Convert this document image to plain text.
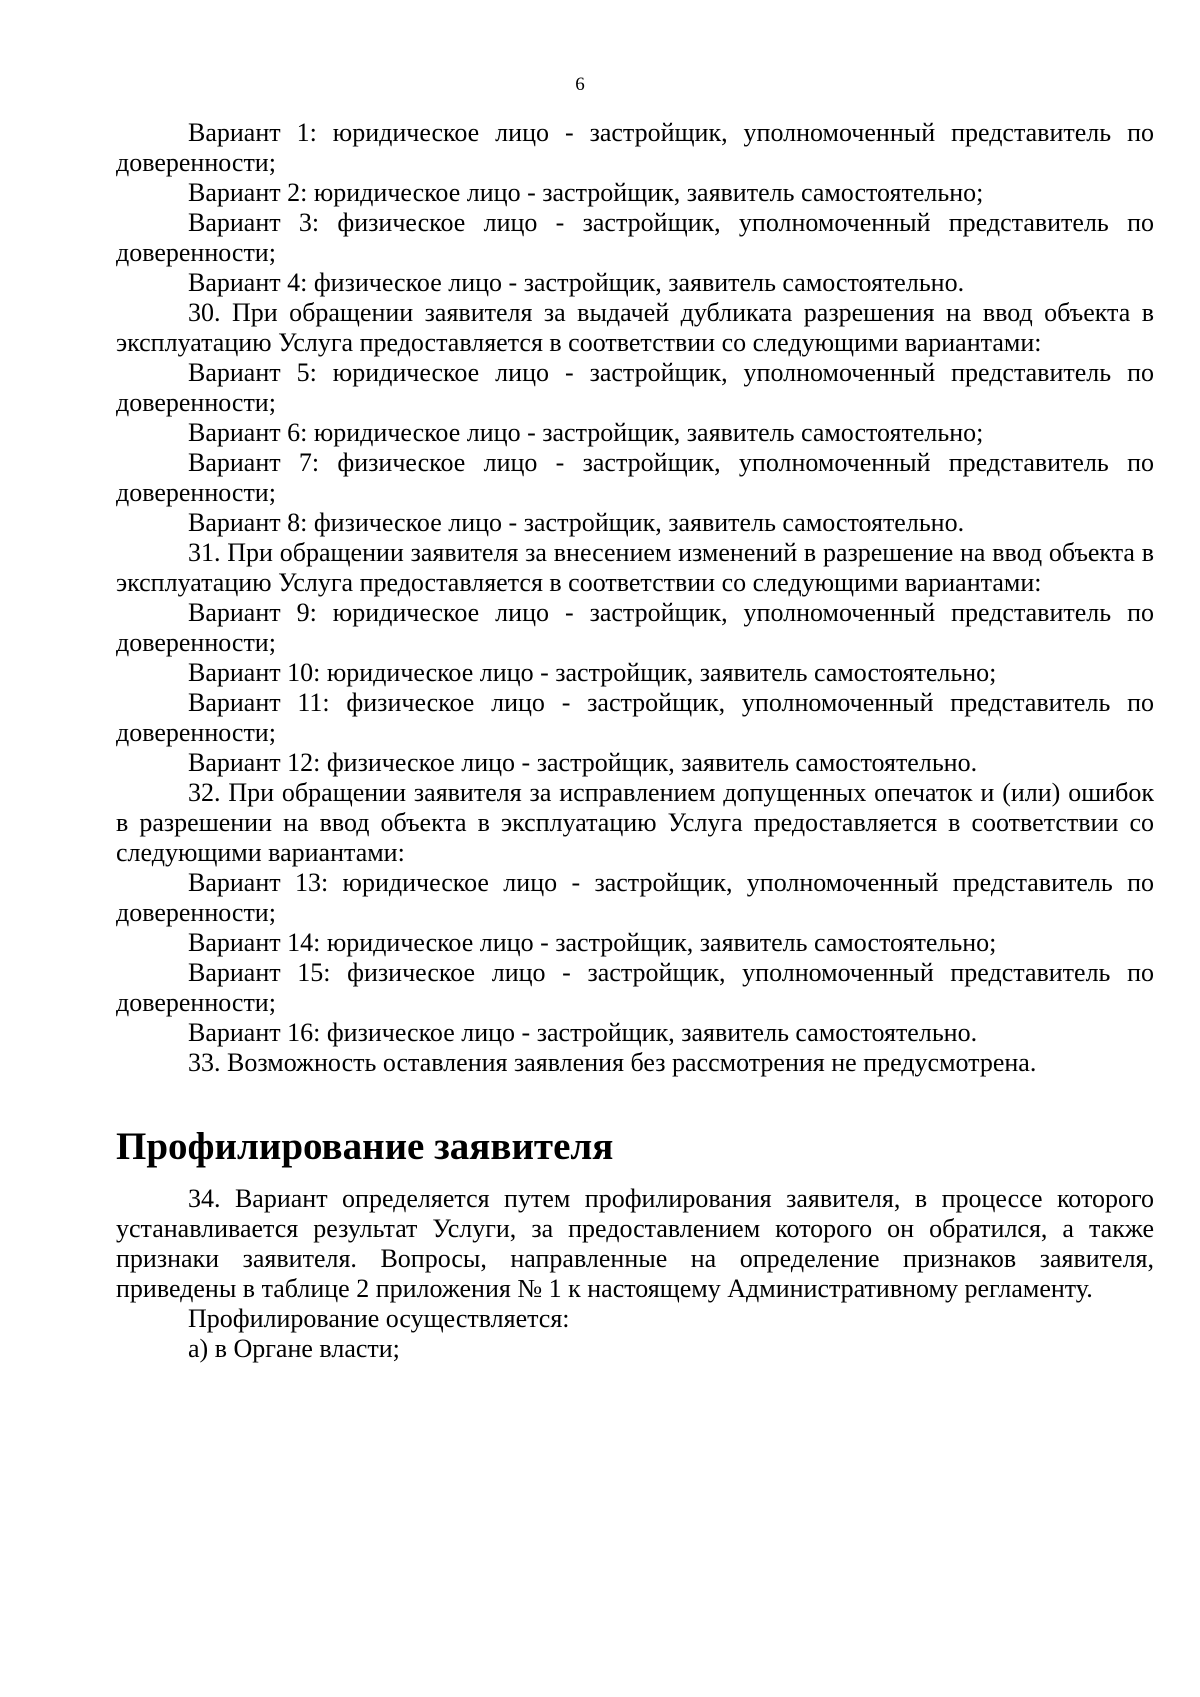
6

Вариант 1: юридическое лицо - застройщик, уполномоченный представитель по доверенности;

Вариант 2: юридическое лицо - застройщик, заявитель самостоятельно;

Вариант 3: физическое лицо - застройщик, уполномоченный представитель по доверенности;

Вариант 4: физическое лицо - застройщик, заявитель самостоятельно.

30. При обращении заявителя за выдачей дубликата разрешения на ввод объекта в эксплуатацию Услуга предоставляется в соответствии со следующими вариантами:

Вариант 5: юридическое лицо - застройщик, уполномоченный представитель по доверенности;

Вариант 6: юридическое лицо - застройщик, заявитель самостоятельно;

Вариант 7: физическое лицо - застройщик, уполномоченный представитель по доверенности;

Вариант 8: физическое лицо - застройщик, заявитель самостоятельно.

31. При обращении заявителя за внесением изменений в разрешение на ввод объекта в эксплуатацию Услуга предоставляется в соответствии со следующими вариантами:

Вариант 9: юридическое лицо - застройщик, уполномоченный представитель по доверенности;

Вариант 10: юридическое лицо - застройщик, заявитель самостоятельно;

Вариант 11: физическое лицо - застройщик, уполномоченный представитель по доверенности;

Вариант 12: физическое лицо - застройщик, заявитель самостоятельно.

32. При обращении заявителя за исправлением допущенных опечаток и (или) ошибок в разрешении на ввод объекта в эксплуатацию Услуга предоставляется в соответствии со следующими вариантами:

Вариант 13: юридическое лицо - застройщик, уполномоченный представитель по доверенности;

Вариант 14: юридическое лицо - застройщик, заявитель самостоятельно;

Вариант 15: физическое лицо - застройщик, уполномоченный представитель по доверенности;

Вариант 16: физическое лицо - застройщик, заявитель самостоятельно.

33. Возможность оставления заявления без рассмотрения не предусмотрена.

Профилирование заявителя

34. Вариант определяется путем профилирования заявителя, в процессе которого устанавливается результат Услуги, за предоставлением которого он обратился, а также признаки заявителя. Вопросы, направленные на определение признаков заявителя, приведены в таблице 2 приложения № 1 к настоящему Административному регламенту.

Профилирование осуществляется:

а) в Органе власти;
